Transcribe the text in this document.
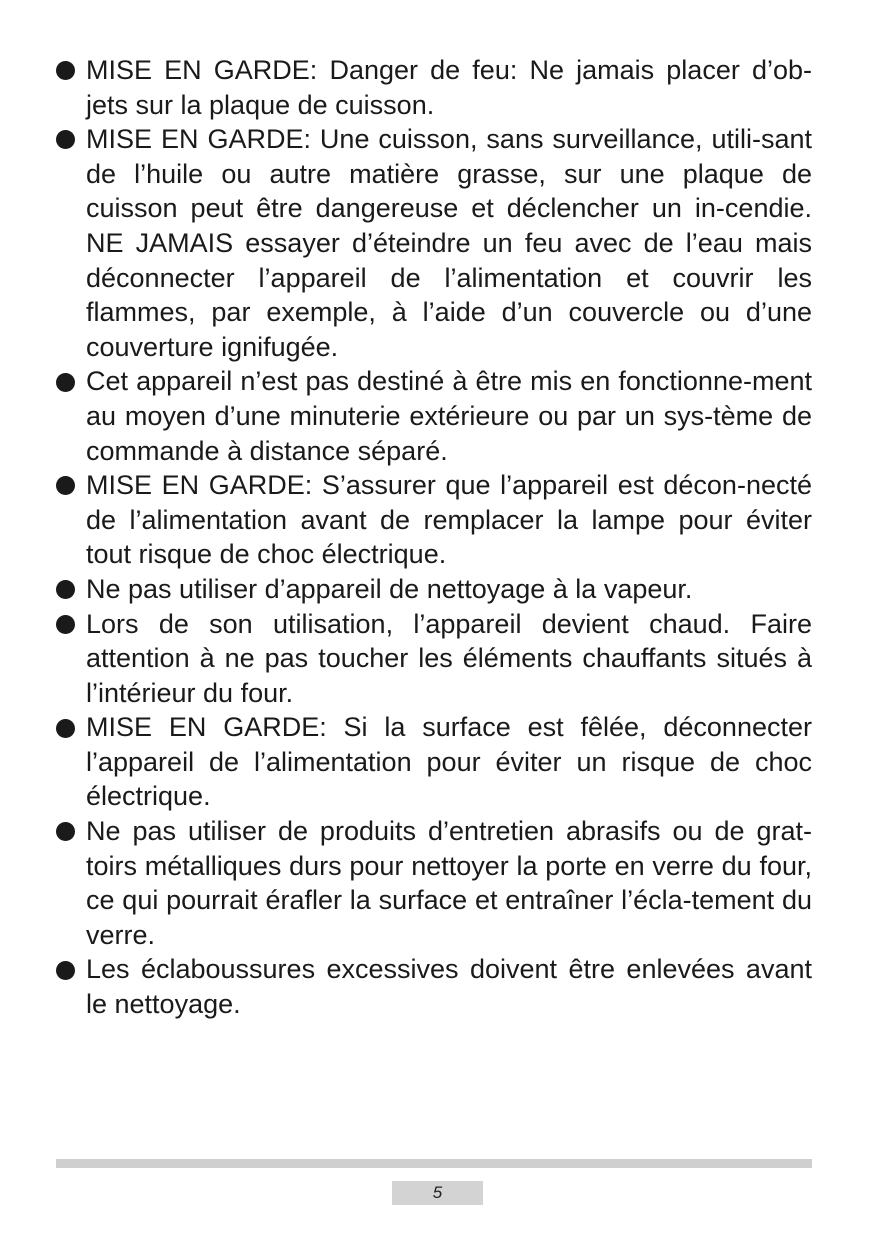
MISE EN GARDE: Danger de feu: Ne jamais placer d’ob-jets sur la plaque de cuisson.
MISE EN GARDE: Une cuisson, sans surveillance, utili-sant de l’huile ou autre matière grasse, sur une plaque de cuisson peut être dangereuse et déclencher un in-cendie. NE JAMAIS essayer d’éteindre un feu avec de l’eau mais déconnecter l’appareil de l’alimentation et couvrir les flammes, par exemple, à l’aide d’un couvercle ou d’une couverture ignifugée.
Cet appareil n’est pas destiné à être mis en fonctionne-ment au moyen d’une minuterie extérieure ou par un sys-tème de commande à distance séparé.
MISE EN GARDE: S’assurer que l’appareil est décon-necté de l’alimentation avant de remplacer la lampe pour éviter tout risque de choc électrique.
Ne pas utiliser d’appareil de nettoyage à la vapeur.
Lors de son utilisation, l’appareil devient chaud. Faire attention à ne pas toucher les éléments chauffants situés à l’intérieur du four.
MISE EN GARDE: Si la surface est fêlée, déconnecter l’appareil de l’alimentation pour éviter un risque de choc électrique.
Ne pas utiliser de produits d’entretien abrasifs ou de grat-toirs métalliques durs pour nettoyer la porte en verre du four, ce qui pourrait érafler la surface et entraîner l’écla-tement du verre.
Les éclaboussures excessives doivent être enlevées avant le nettoyage.
5
